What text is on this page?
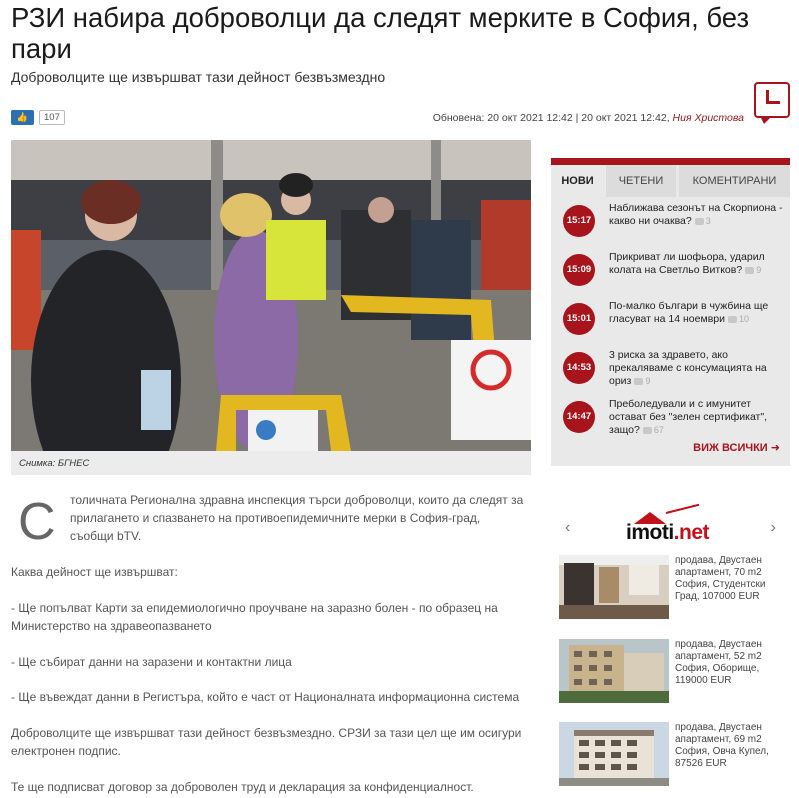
РЗИ набира доброволци да следят мерките в София, без пари
Доброволците ще извършват тази дейност безвъзмездно
👍	107	Обновена: 20 окт 2021 12:42 | 20 окт 2021 12:42, Ния Христова
Снимка: БГНЕС
С толичната Регионална здравна инспекция търси доброволци, които да следят за прилагането и спазването на противоепидемичните мерки в София-град, съобщи bTV.

Каква дейност ще извършват:

- Ще попълват Карти за епидемиологично проучване на заразно болен - по образец на Министерство на здравеопазването

- Ще събират данни на заразени и контактни лица

- Ще въвеждат данни в Регистъра, който е част от Националната информационна система

Доброволците ще извършват тази дейност безвъзмездно. СРЗИ за тази цел ще им осигури електронен подпис.

Те ще подписват договор за доброволен труд и декларация за конфиденциалност.

НОВИ	ЧЕТЕНИ	КОМЕНТИРАНИ
15:17
Наближава сезонът на Скорпиона - какво ни очаква? 3
15:09
Прикриват ли шофьора, ударил колата на Светльо Витков? 9
15:01
По-малко българи в чужбина ще гласуват на 14 ноември 10
14:53
3 риска за здравето, ако прекаляваме с консумацията на ориз 9
14:47
Преболедували и с имунитет остават без "зелен сертификат", защо? 67
ВИЖ ВСИЧКИ ➜
‹	imoti.net	›
продава, Двустаен апартамент, 70 m2 София, Студентски Град, 107000 EUR
продава, Двустаен апартамент, 52 m2 София, Оборище, 119000 EUR
продава, Двустаен апартамент, 69 m2 София, Овча Купел, 87526 EUR
